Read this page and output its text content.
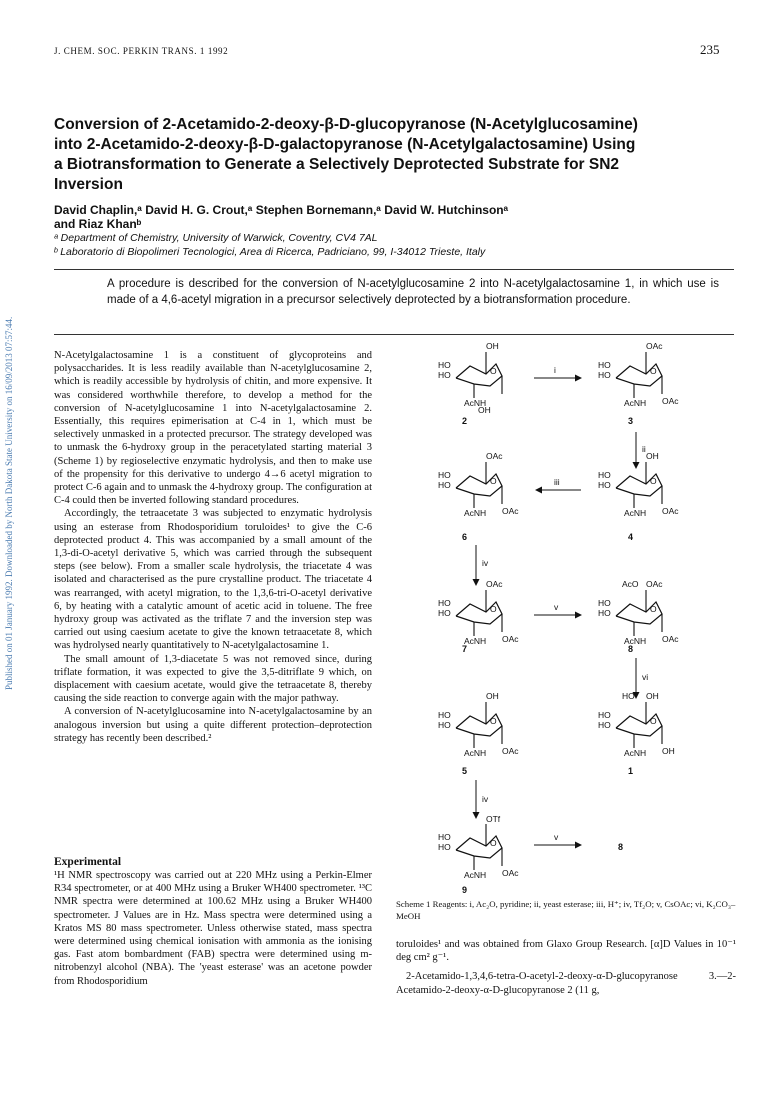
J. CHEM. SOC. PERKIN TRANS. 1 1992	235
Published on 01 January 1992. Downloaded by North Dakota State University on 16/09/2013 07:57:44.
Conversion of 2-Acetamido-2-deoxy-β-D-glucopyranose (N-Acetylglucosamine)
into 2-Acetamido-2-deoxy-β-D-galactopyranose (N-Acetylgalactosamine) Using
a Biotransformation to Generate a Selectively Deprotected Substrate for SN2
Inversion
David Chaplin,ᵃ David H. G. Crout,ᵃ Stephen Bornemann,ᵃ David W. Hutchinsonᵃ
and Riaz Khanᵇ
ᵃ Department of Chemistry, University of Warwick, Coventry, CV4 7AL
ᵇ Laboratorio di Biopolimeri Tecnologici, Area di Ricerca, Padriciano, 99, I-34012 Trieste, Italy
A procedure is described for the conversion of N-acetylglucosamine 2 into N-acetylgalactosamine 1, in which use is made of a 4,6-acetyl migration in a precursor selectively deprotected by a biotransformation procedure.

N-Acetylgalactosamine 1 is a constituent of glycoproteins and polysaccharides. It is less readily available than N-acetylglucosamine 2, which is readily accessible by hydrolysis of chitin, and more expensive. It was considered worthwhile therefore, to develop a method for the conversion of N-acetylglucosamine 1 into N-acetylgalactosamine 2. Essentially, this requires epimerisation at C-4 in 1, which must be selectively unmasked in a protected precursor. The strategy developed was to unmask the 6-hydroxy group in the peracetylated starting material 3 (Scheme 1) by regioselective enzymatic hydrolysis, and then to make use of the propensity for this derivative to undergo 4→6 acetyl migration to protect C-6 again and to unmask the 4-hydroxy group. The configuration at C-4 could then be inverted following standard procedures.

Accordingly, the tetraacetate 3 was subjected to enzymatic hydrolysis using an esterase from Rhodosporidium toruloides¹ to give the C-6 deprotected product 4. This was accompanied by a small amount of the 1,3-di-O-acetyl derivative 5, which was carried through the subsequent steps (see below). From a smaller scale hydrolysis, the triacetate 4 was isolated and characterised as the pure crystalline product. The triacetate 4 was rearranged, with acetyl migration, to the 1,3,6-tri-O-acetyl derivative 6, by heating with a catalytic amount of acetic acid in toluene. The free hydroxy group was activated as the triflate 7 and the inversion step was carried out using caesium acetate to give the known tetraacetate 8, which was hydrolysed nearly quantitatively to N-acetylgalactosamine 1.

The small amount of 1,3-diacetate 5 was not removed since, during triflate formation, it was expected to give the 3,5-ditriflate 9 which, on displacement with caesium acetate, would give the tetraacetate 8, thereby causing the side reaction to converge again with the major pathway.

A conversion of N-acetylglucosamine into N-acetylgalactosamine by an analogous inversion but using a quite different protection–deprotection strategy has recently been described.²

Experimental
¹H NMR spectroscopy was carried out at 220 MHz using a Perkin-Elmer R34 spectrometer, or at 400 MHz using a Bruker WH400 spectrometer. ¹³C NMR spectra were determined at 100.62 MHz using a Bruker WH400 spectrometer. J Values are in Hz. Mass spectra were determined using a Kratos MS 80 mass spectrometer. Unless otherwise stated, mass spectra were determined using chemical ionisation with ammonia as the ionising gas. Fast atom bombardment (FAB) spectra were determined using m-nitrobenzyl alcohol (NBA). The 'yeast esterase' was an acetone powder from Rhodosporidium
O
HO
HO
AcNH
OH
OH
2
i
OAc
OAc
3
ii
OH
OAc
4
iii
OAc
OAc
6
iv
OAc
OAc
7
v
AcO OAc
OAc
8
vi
OH
OAc
5
HO OH
OH
1
iv
OTf
OAc
9
v
8
Scheme 1 Reagents: i, Ac₂O, pyridine; ii, yeast esterase; iii, H⁺; iv, Tf₂O; v, CsOAc; vi, K₂CO₃–MeOH

toruloides¹ and was obtained from Glaxo Group Research. [α]D Values in 10⁻¹ deg cm² g⁻¹.

2-Acetamido-1,3,4,6-tetra-O-acetyl-2-deoxy-α-D-glucopyranose 3.—2-Acetamido-2-deoxy-α-D-glucopyranose 2 (11 g,
